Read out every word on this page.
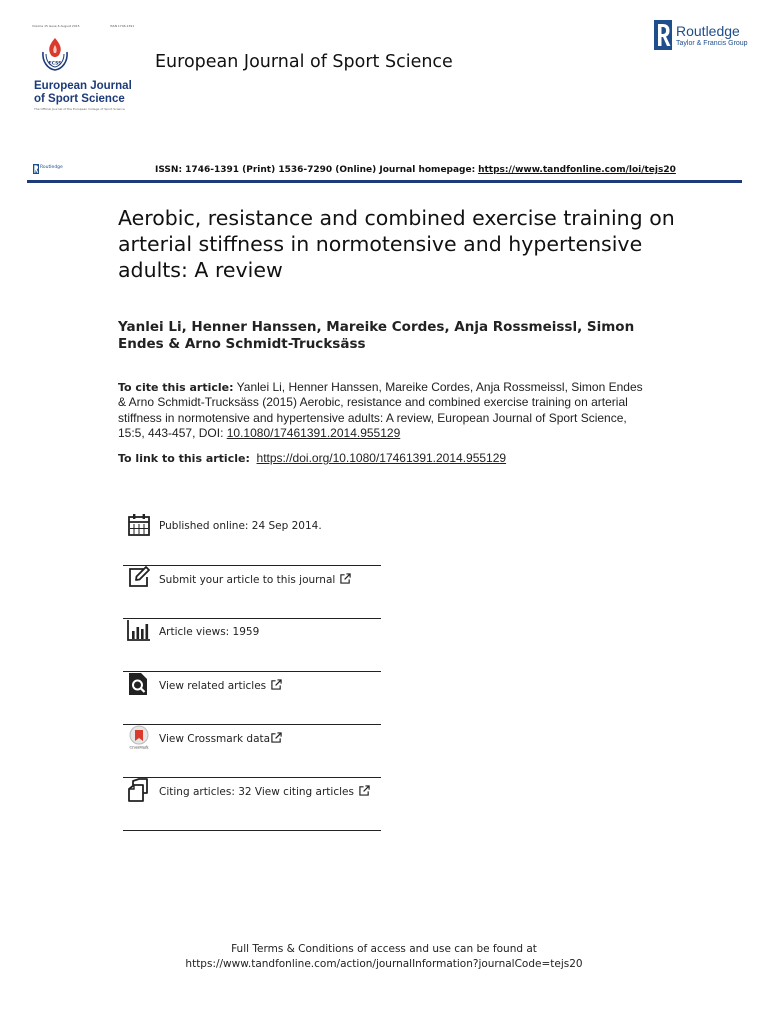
Volume 15 Issue 6 August 2015	ISSN 1746-1391
ECSS
European Journal
of Sport Science
The Official Journal of the European College of Sport Science
European Journal of Sport Science
Routledge
Taylor & Francis Group
Routledge	ISSN: 1746-1391 (Print) 1536-7290 (Online) Journal homepage: https://www.tandfonline.com/loi/tejs20
Aerobic, resistance and combined exercise training on arterial stiffness in normotensive and hypertensive adults: A review
Yanlei Li, Henner Hanssen, Mareike Cordes, Anja Rossmeissl, Simon Endes & Arno Schmidt-Trucksäss
To cite this article: Yanlei Li, Henner Hanssen, Mareike Cordes, Anja Rossmeissl, Simon Endes & Arno Schmidt-Trucksäss (2015) Aerobic, resistance and combined exercise training on arterial stiffness in normotensive and hypertensive adults: A review, European Journal of Sport Science, 15:5, 443-457, DOI: 10.1080/17461391.2014.955129
To link to this article: https://doi.org/10.1080/17461391.2014.955129
Published online: 24 Sep 2014.
Submit your article to this journal
Article views: 1959
View related articles
CrossMark
View Crossmark data
Citing articles: 32 View citing articles
Full Terms & Conditions of access and use can be found at
https://www.tandfonline.com/action/journalInformation?journalCode=tejs20
